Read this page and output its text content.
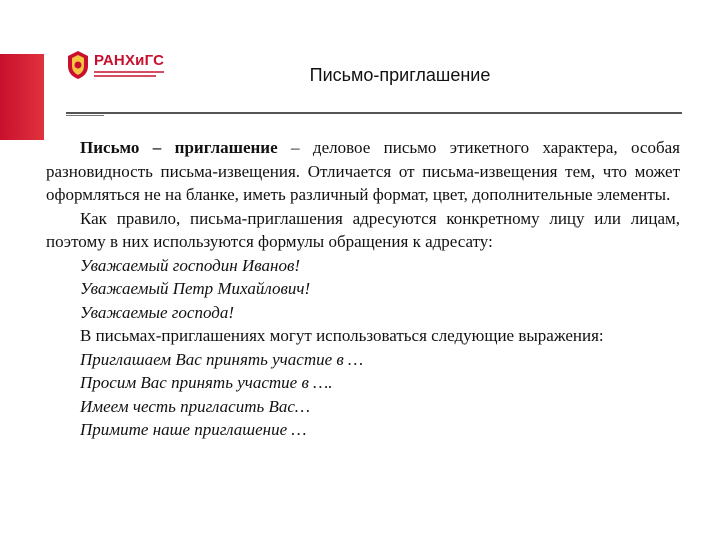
РАНХиГС
Письмо-приглашение

Письмо – приглашение – деловое письмо этикетного характера, особая разновидность письма-извещения. Отличается от письма-извещения тем, что может оформляться не на бланке, иметь различный формат, цвет, дополнительные элементы.

Как правило, письма-приглашения адресуются конкретному лицу или лицам, поэтому в них используются формулы обращения к адресату:

Уважаемый господин Иванов!

Уважаемый Петр Михайлович!

Уважаемые господа!

В письмах-приглашениях могут использоваться следующие выражения:

Приглашаем Вас принять участие в …

Просим Вас принять участие в ….

Имеем честь пригласить Вас…

Примите наше приглашение …
